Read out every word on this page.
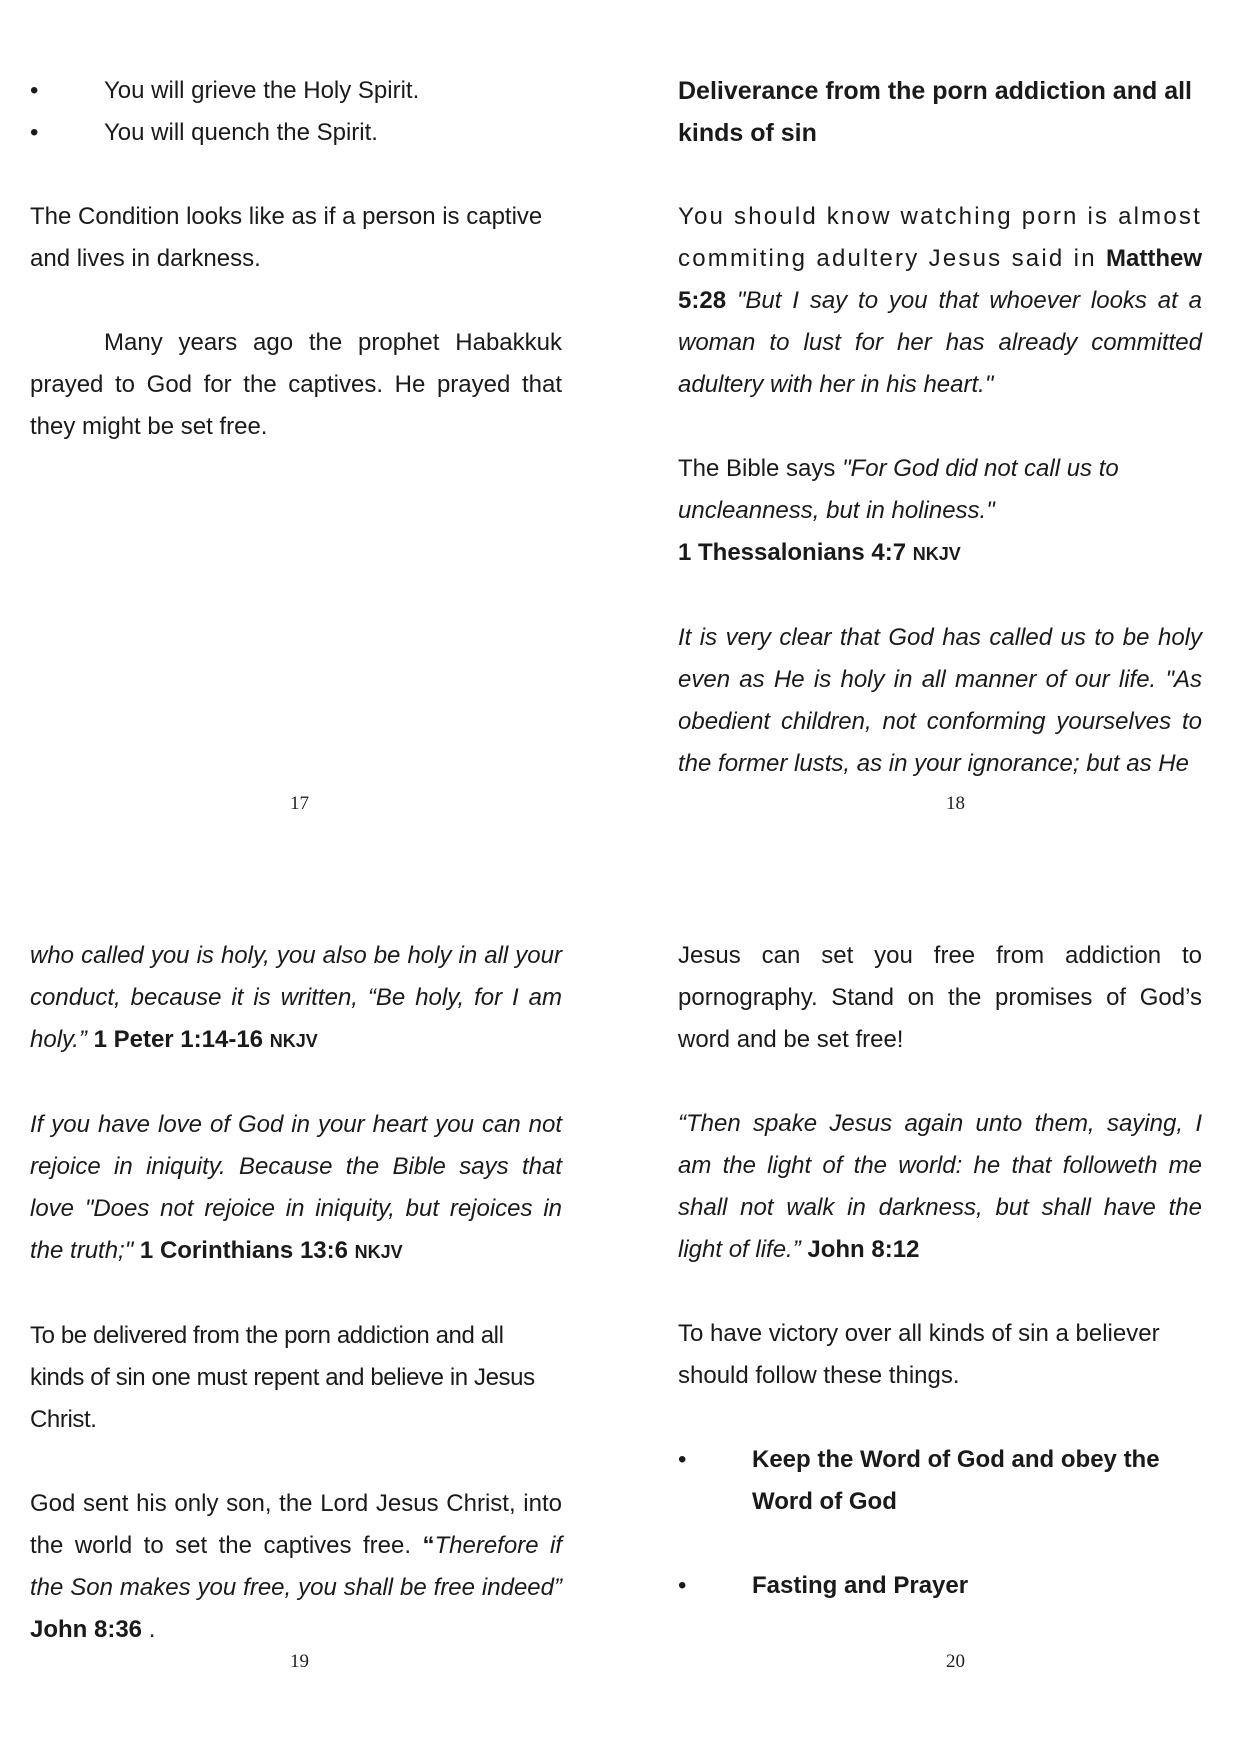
•	You will grieve the Holy Spirit.
•	You will quench the Spirit.

The Condition looks like as if a person is captive and lives in darkness.

Many years ago the prophet Habakkuk prayed to God for the captives. He prayed that they might be set free.

17

Deliverance from the porn addiction and all kinds of sin

You should know watching porn is almost commiting adultery Jesus said in Matthew 5:28 "But I say to you that whoever looks at a woman to lust for her has already committed adultery with her in his heart."

The Bible says "For God did not call us to uncleanness, but in holiness."
1 Thessalonians 4:7 NKJV

It is very clear that God has called us to be holy even as He is holy in all manner of our life. "As obedient children, not conforming yourselves to the former lusts, as in your ignorance; but as He

18

who called you is holy, you also be holy in all your conduct, because it is written, “Be holy, for I am holy.” 1 Peter 1:14-16 NKJV

If you have love of God in your heart you can not rejoice in iniquity. Because the Bible says that love "Does not rejoice in iniquity, but rejoices in the truth;" 1 Corinthians 13:6 NKJV

To be delivered from the porn addiction and all kinds of sin one must repent and believe in Jesus Christ.

God sent his only son, the Lord Jesus Christ, into the world to set the captives free. “Therefore if the Son makes you free, you shall be free indeed” John 8:36 .

19

Jesus can set you free from addiction to pornography. Stand on the promises of God’s word and be set free!

“Then spake Jesus again unto them, saying, I am the light of the world: he that followeth me shall not walk in darkness, but shall have the light of life.” John 8:12

To have victory over all kinds of sin a believer should follow these things.

•	Keep the Word of God and obey the Word of God
•	Fasting and Prayer
20
